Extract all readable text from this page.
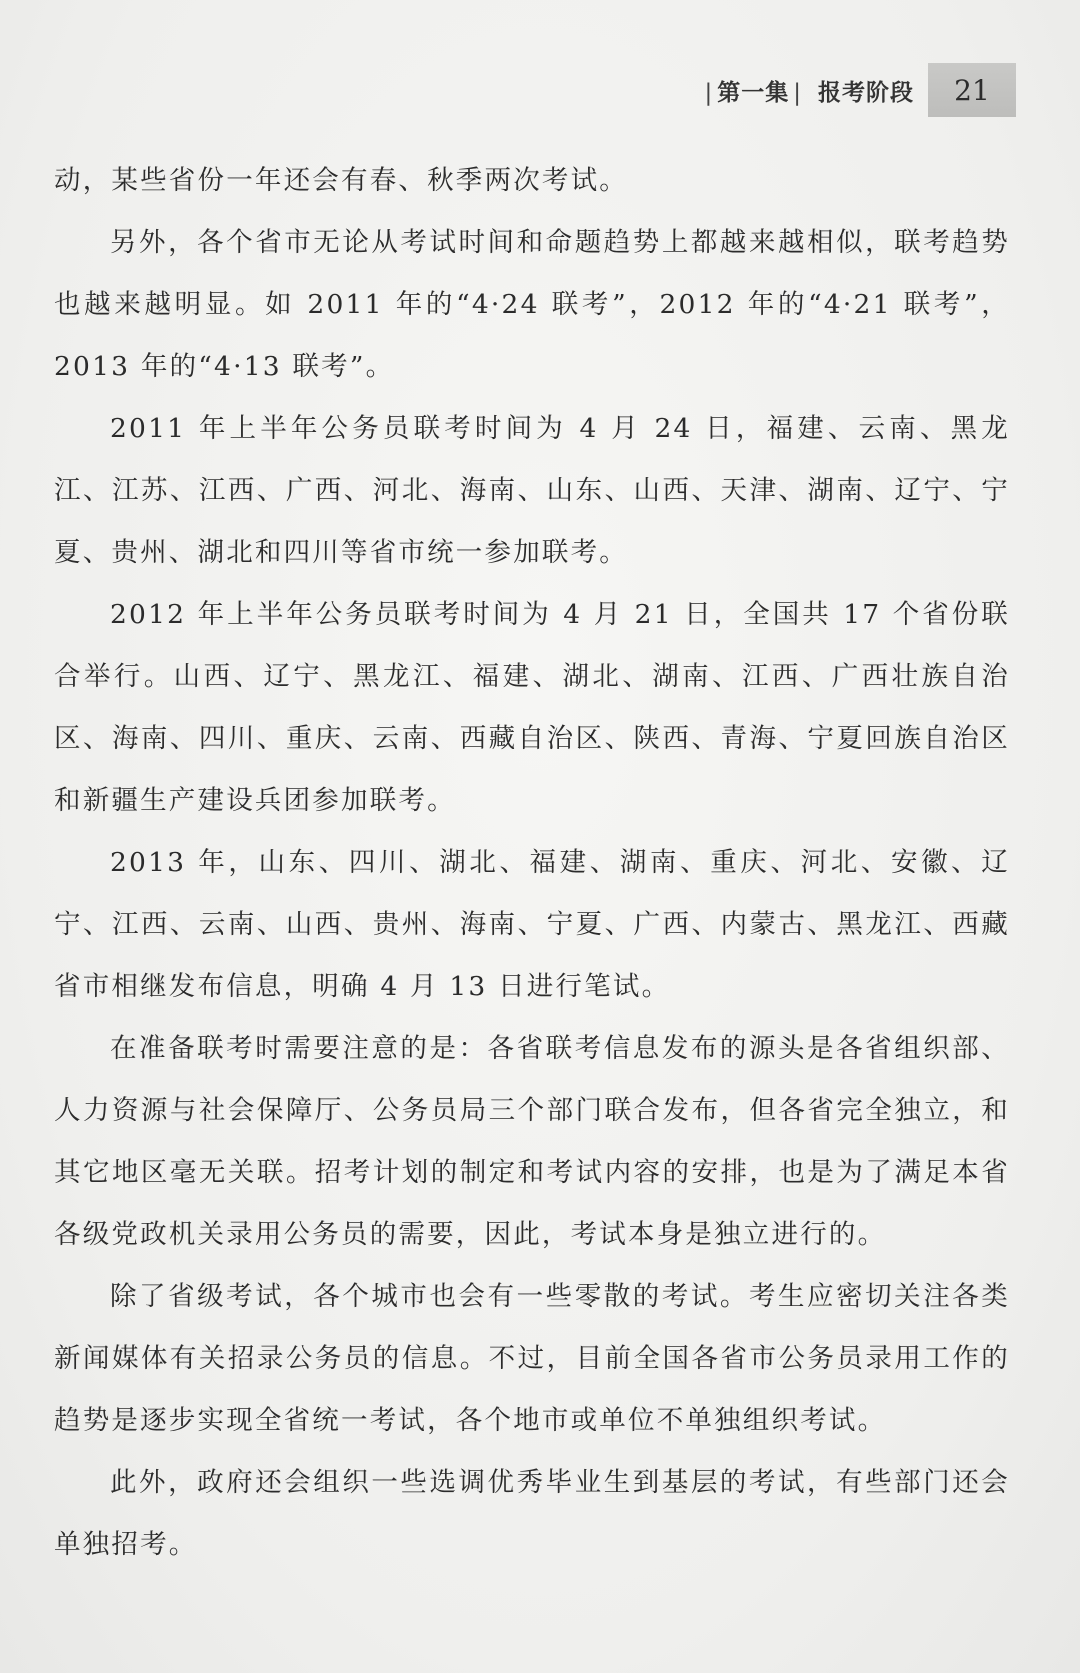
| 第一集 | 报考阶段 21

动，某些省份一年还会有春、秋季两次考试。

另外，各个省市无论从考试时间和命题趋势上都越来越相似，联考趋势也越来越明显。如 2011 年的“4·24 联考”，2012 年的“4·21 联考”，2013 年的“4·13 联考”。

2011 年上半年公务员联考时间为 4 月 24 日，福建、云南、黑龙江、江苏、江西、广西、河北、海南、山东、山西、天津、湖南、辽宁、宁夏、贵州、湖北和四川等省市统一参加联考。

2012 年上半年公务员联考时间为 4 月 21 日，全国共 17 个省份联合举行。山西、辽宁、黑龙江、福建、湖北、湖南、江西、广西壮族自治区、海南、四川、重庆、云南、西藏自治区、陕西、青海、宁夏回族自治区和新疆生产建设兵团参加联考。

2013 年，山东、四川、湖北、福建、湖南、重庆、河北、安徽、辽宁、江西、云南、山西、贵州、海南、宁夏、广西、内蒙古、黑龙江、西藏省市相继发布信息，明确 4 月 13 日进行笔试。

在准备联考时需要注意的是：各省联考信息发布的源头是各省组织部、人力资源与社会保障厅、公务员局三个部门联合发布，但各省完全独立，和其它地区毫无关联。招考计划的制定和考试内容的安排，也是为了满足本省各级党政机关录用公务员的需要，因此，考试本身是独立进行的。

除了省级考试，各个城市也会有一些零散的考试。考生应密切关注各类新闻媒体有关招录公务员的信息。不过，目前全国各省市公务员录用工作的趋势是逐步实现全省统一考试，各个地市或单位不单独组织考试。

此外，政府还会组织一些选调优秀毕业生到基层的考试，有些部门还会单独招考。
